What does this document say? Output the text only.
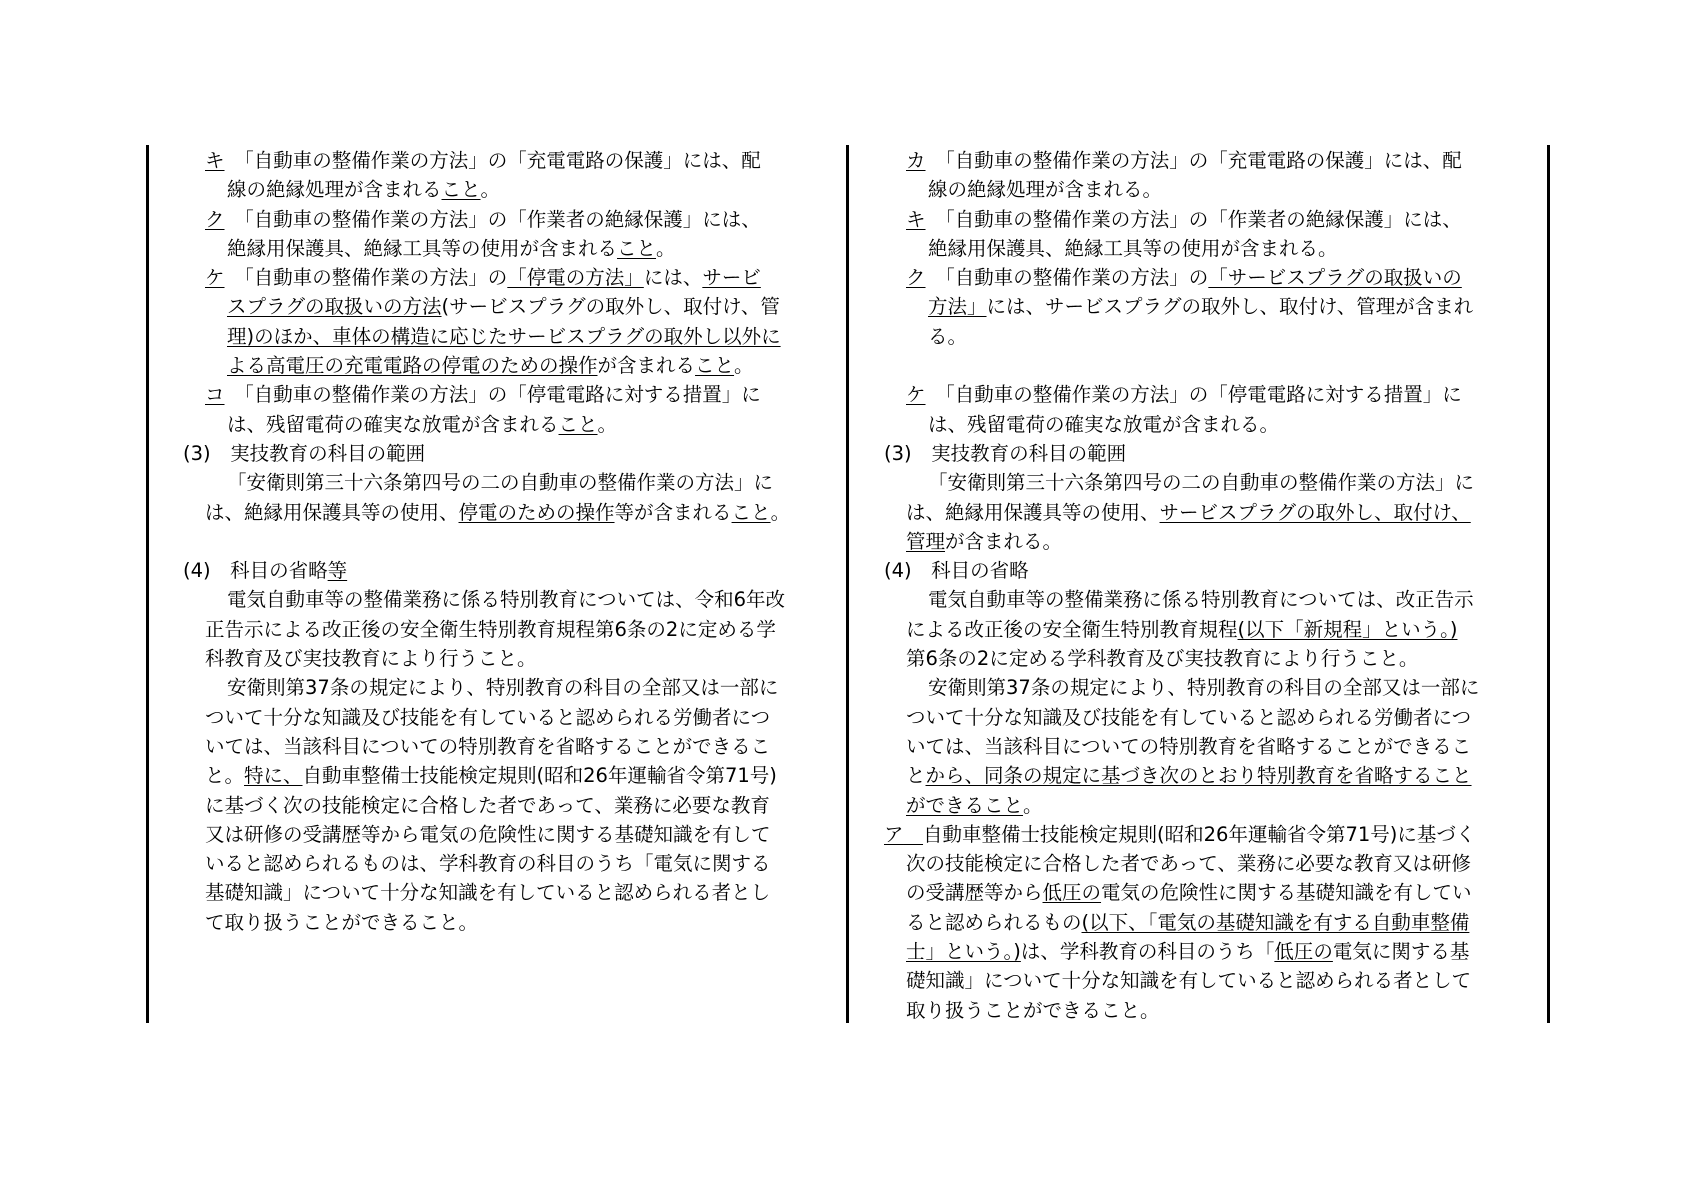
キ　 「自動車の整備作業の方法」の「充電電路の保護」には、配
線の絶縁処理が含まれること。
ク　 「自動車の整備作業の方法」の「作業者の絶縁保護」には、
絶縁用保護具、絶縁工具等の使用が含まれること。
ケ　 「自動車の整備作業の方法」の「停電の方法」には、サービ
スプラグの取扱いの方法(サービスプラグの取外し、取付け、管
理)のほか、車体の構造に応じたサービスプラグの取外し以外に
よる高電圧の充電電路の停電のための操作が含まれること。
コ　 「自動車の整備作業の方法」の「停電電路に対する措置」に
は、残留電荷の確実な放電が含まれること。
(3)　実技教育の科目の範囲
「安衛則第三十六条第四号の二の自動車の整備作業の方法」に
は、絶縁用保護具等の使用、停電のための操作等が含まれること。
(4)　科目の省略等
電気自動車等の整備業務に係る特別教育については、令和6年改
正告示による改正後の安全衛生特別教育規程第6条の2に定める学
科教育及び実技教育により行うこと。
安衛則第37条の規定により、特別教育の科目の全部又は一部に
ついて十分な知識及び技能を有していると認められる労働者につ
いては、当該科目についての特別教育を省略することができるこ
と。特に、自動車整備士技能検定規則(昭和26年運輸省令第71号)
に基づく次の技能検定に合格した者であって、業務に必要な教育
又は研修の受講歴等から電気の危険性に関する基礎知識を有して
いると認められるものは、学科教育の科目のうち「電気に関する
基礎知識」について十分な知識を有していると認められる者とし
て取り扱うことができること。
カ　 「自動車の整備作業の方法」の「充電電路の保護」には、配
線の絶縁処理が含まれる。
キ　 「自動車の整備作業の方法」の「作業者の絶縁保護」には、
絶縁用保護具、絶縁工具等の使用が含まれる。
ク　 「自動車の整備作業の方法」の「サービスプラグの取扱いの
方法」には、サービスプラグの取外し、取付け、管理が含まれ
る。
ケ　 「自動車の整備作業の方法」の「停電電路に対する措置」に
は、残留電荷の確実な放電が含まれる。
(3)　実技教育の科目の範囲
「安衛則第三十六条第四号の二の自動車の整備作業の方法」に
は、絶縁用保護具等の使用、サービスプラグの取外し、取付け、
管理が含まれる。
(4)　科目の省略
電気自動車等の整備業務に係る特別教育については、改正告示
による改正後の安全衛生特別教育規程(以下「新規程」という。)
第6条の2に定める学科教育及び実技教育により行うこと。
安衛則第37条の規定により、特別教育の科目の全部又は一部に
ついて十分な知識及び技能を有していると認められる労働者につ
いては、当該科目についての特別教育を省略することができるこ
とから、同条の規定に基づき次のとおり特別教育を省略すること
ができること。
ア　 自動車整備士技能検定規則(昭和26年運輸省令第71号)に基づく
次の技能検定に合格した者であって、業務に必要な教育又は研修
の受講歴等から低圧の電気の危険性に関する基礎知識を有してい
ると認められるもの(以下、「電気の基礎知識を有する自動車整備
士」という。)は、学科教育の科目のうち「低圧の電気に関する基
礎知識」について十分な知識を有していると認められる者として
取り扱うことができること。
